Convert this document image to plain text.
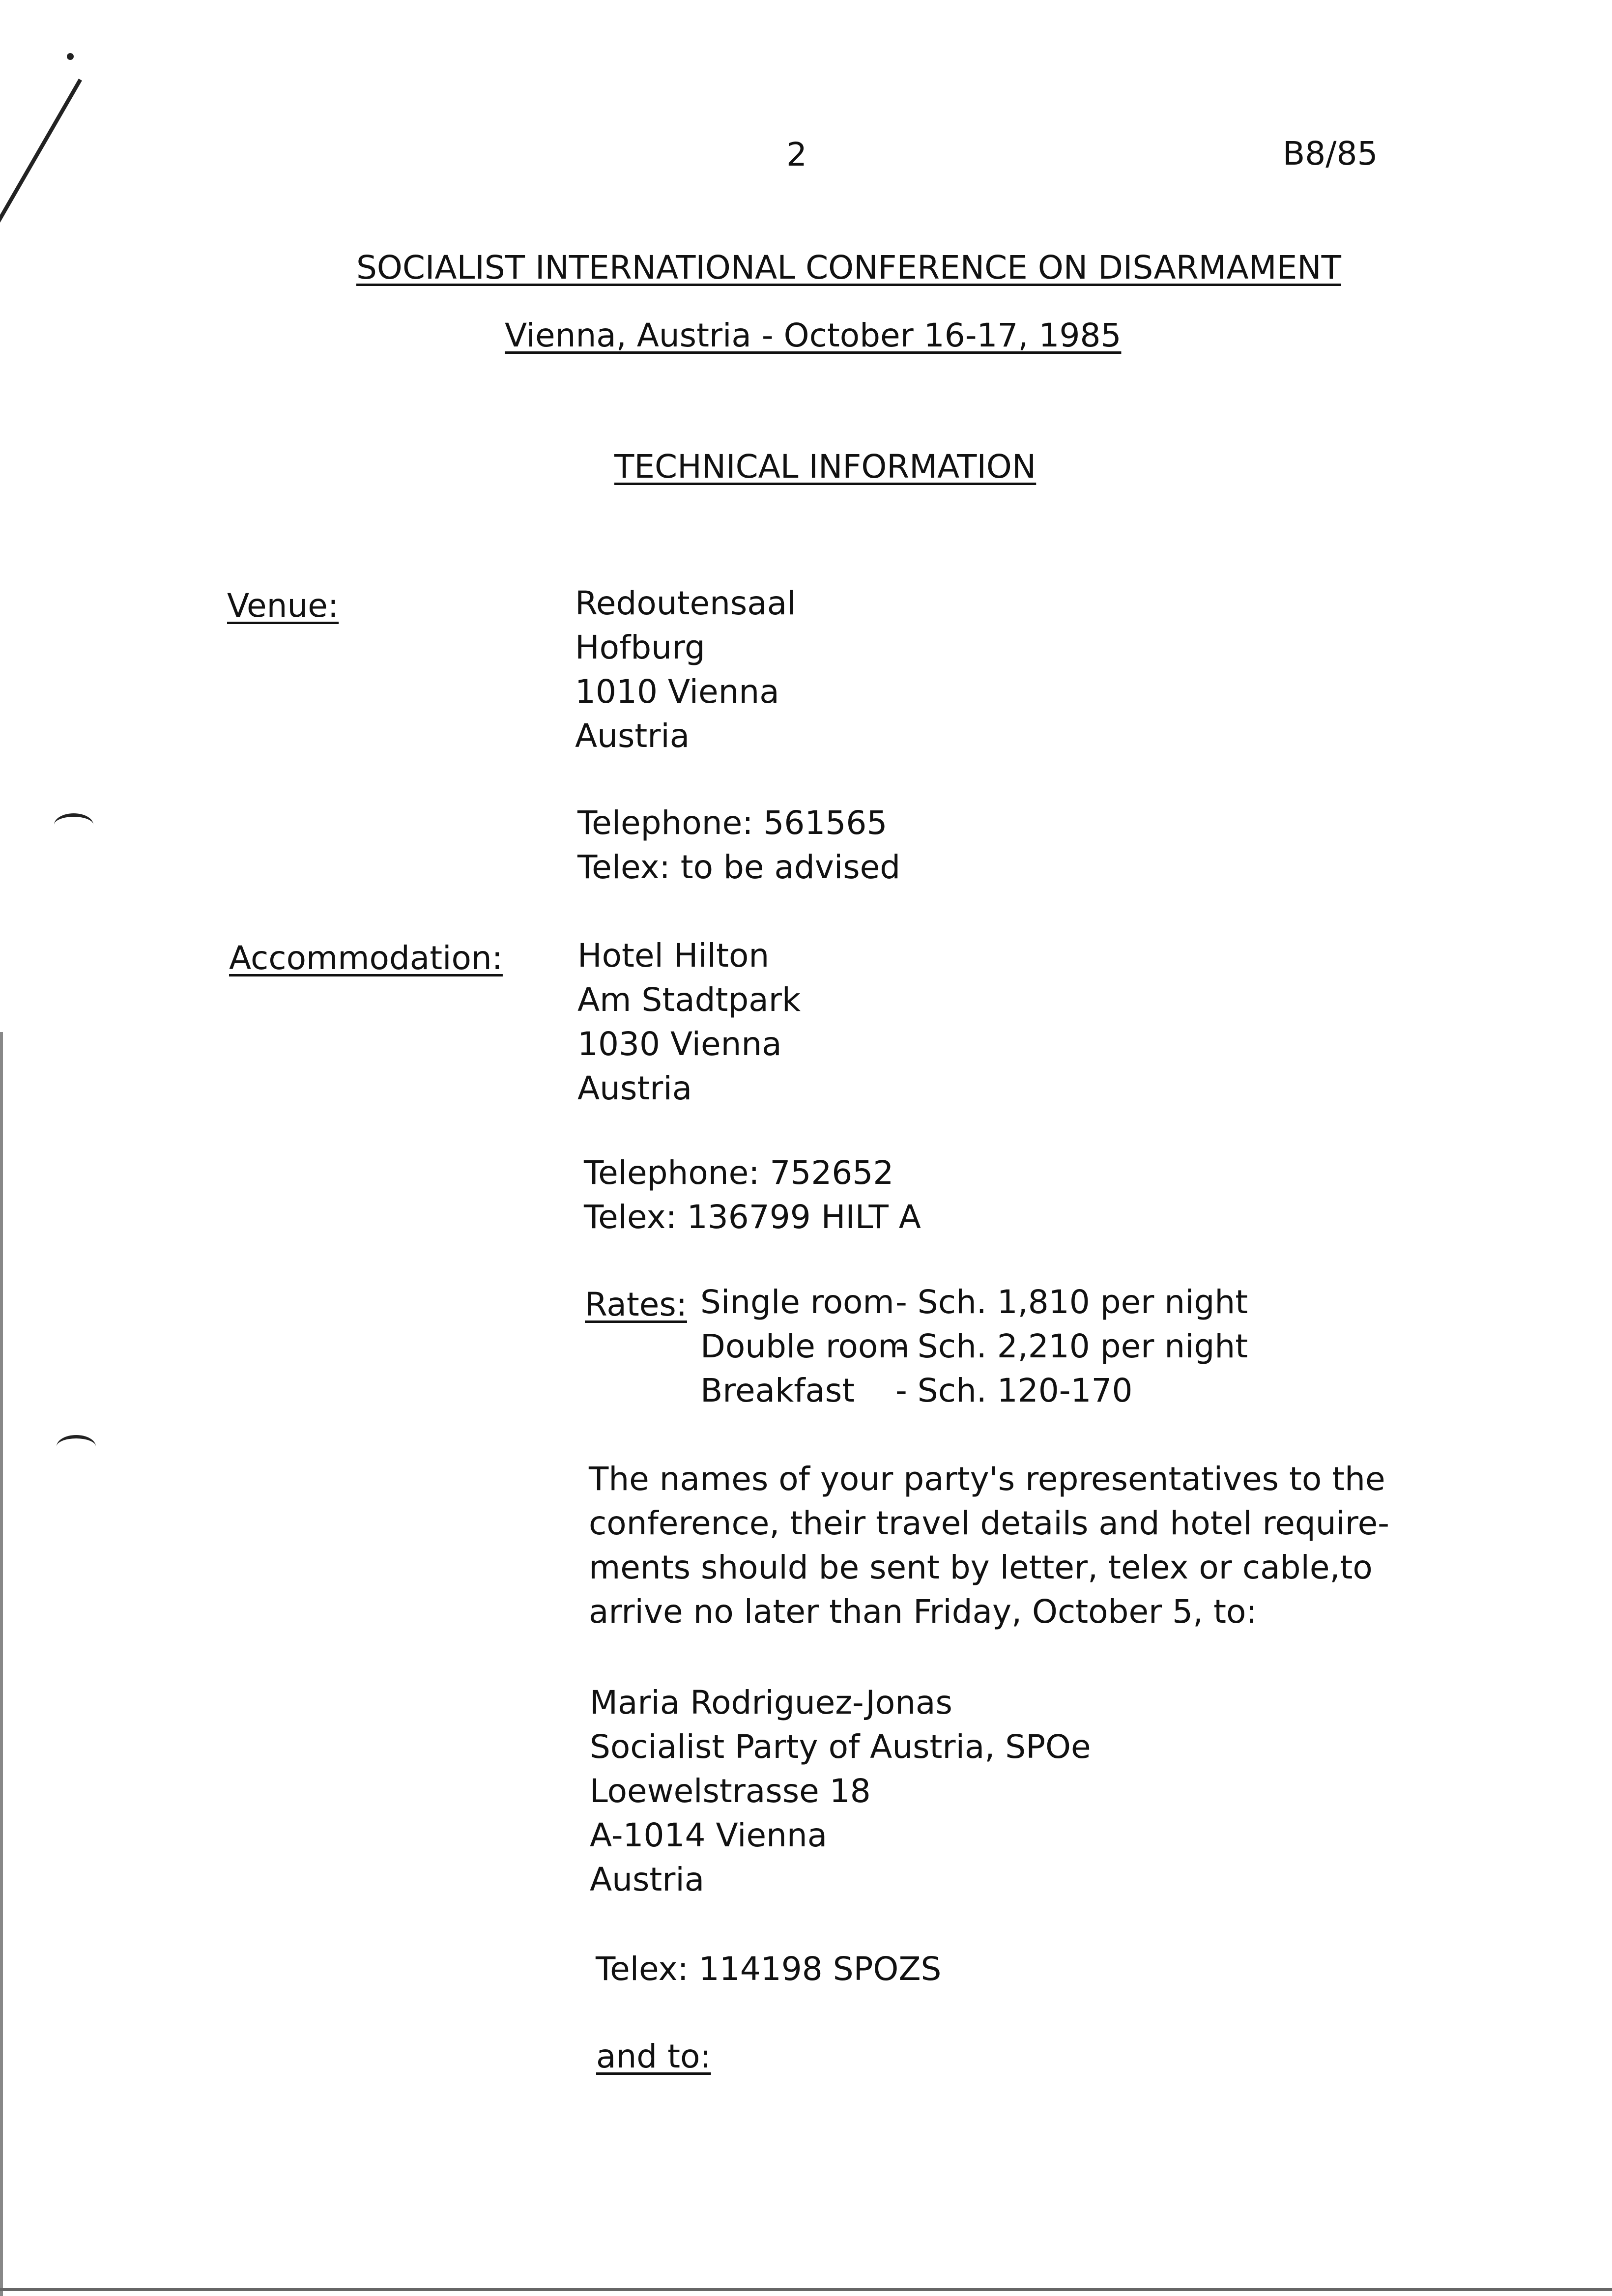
2	B8/85
SOCIALIST INTERNATIONAL CONFERENCE ON DISARMAMENT
Vienna, Austria - October 16-17, 1985
TECHNICAL INFORMATION
Venue:	Redoutensaal
Hofburg
1010 Vienna
Austria
Telephone: 561565
Telex: to be advised
Accommodation: Hotel Hilton
Am Stadtpark
1030 Vienna
Austria
Telephone: 752652
Telex: 136799 HILT A
Rates: Single room
Double room
Breakfast
- Sch. 1,810 per night
- Sch. 2,210 per night
- Sch. 120-170
The names of your party's representatives to the
conference, their travel details and hotel require-
ments should be sent by letter, telex or cable,to
arrive no later than Friday, October 5, to:
Maria Rodriguez-Jonas
Socialist Party of Austria, SPOe
Loewelstrasse 18
A-1014 Vienna
Austria
Telex: 114198 SPOZS
and to:
